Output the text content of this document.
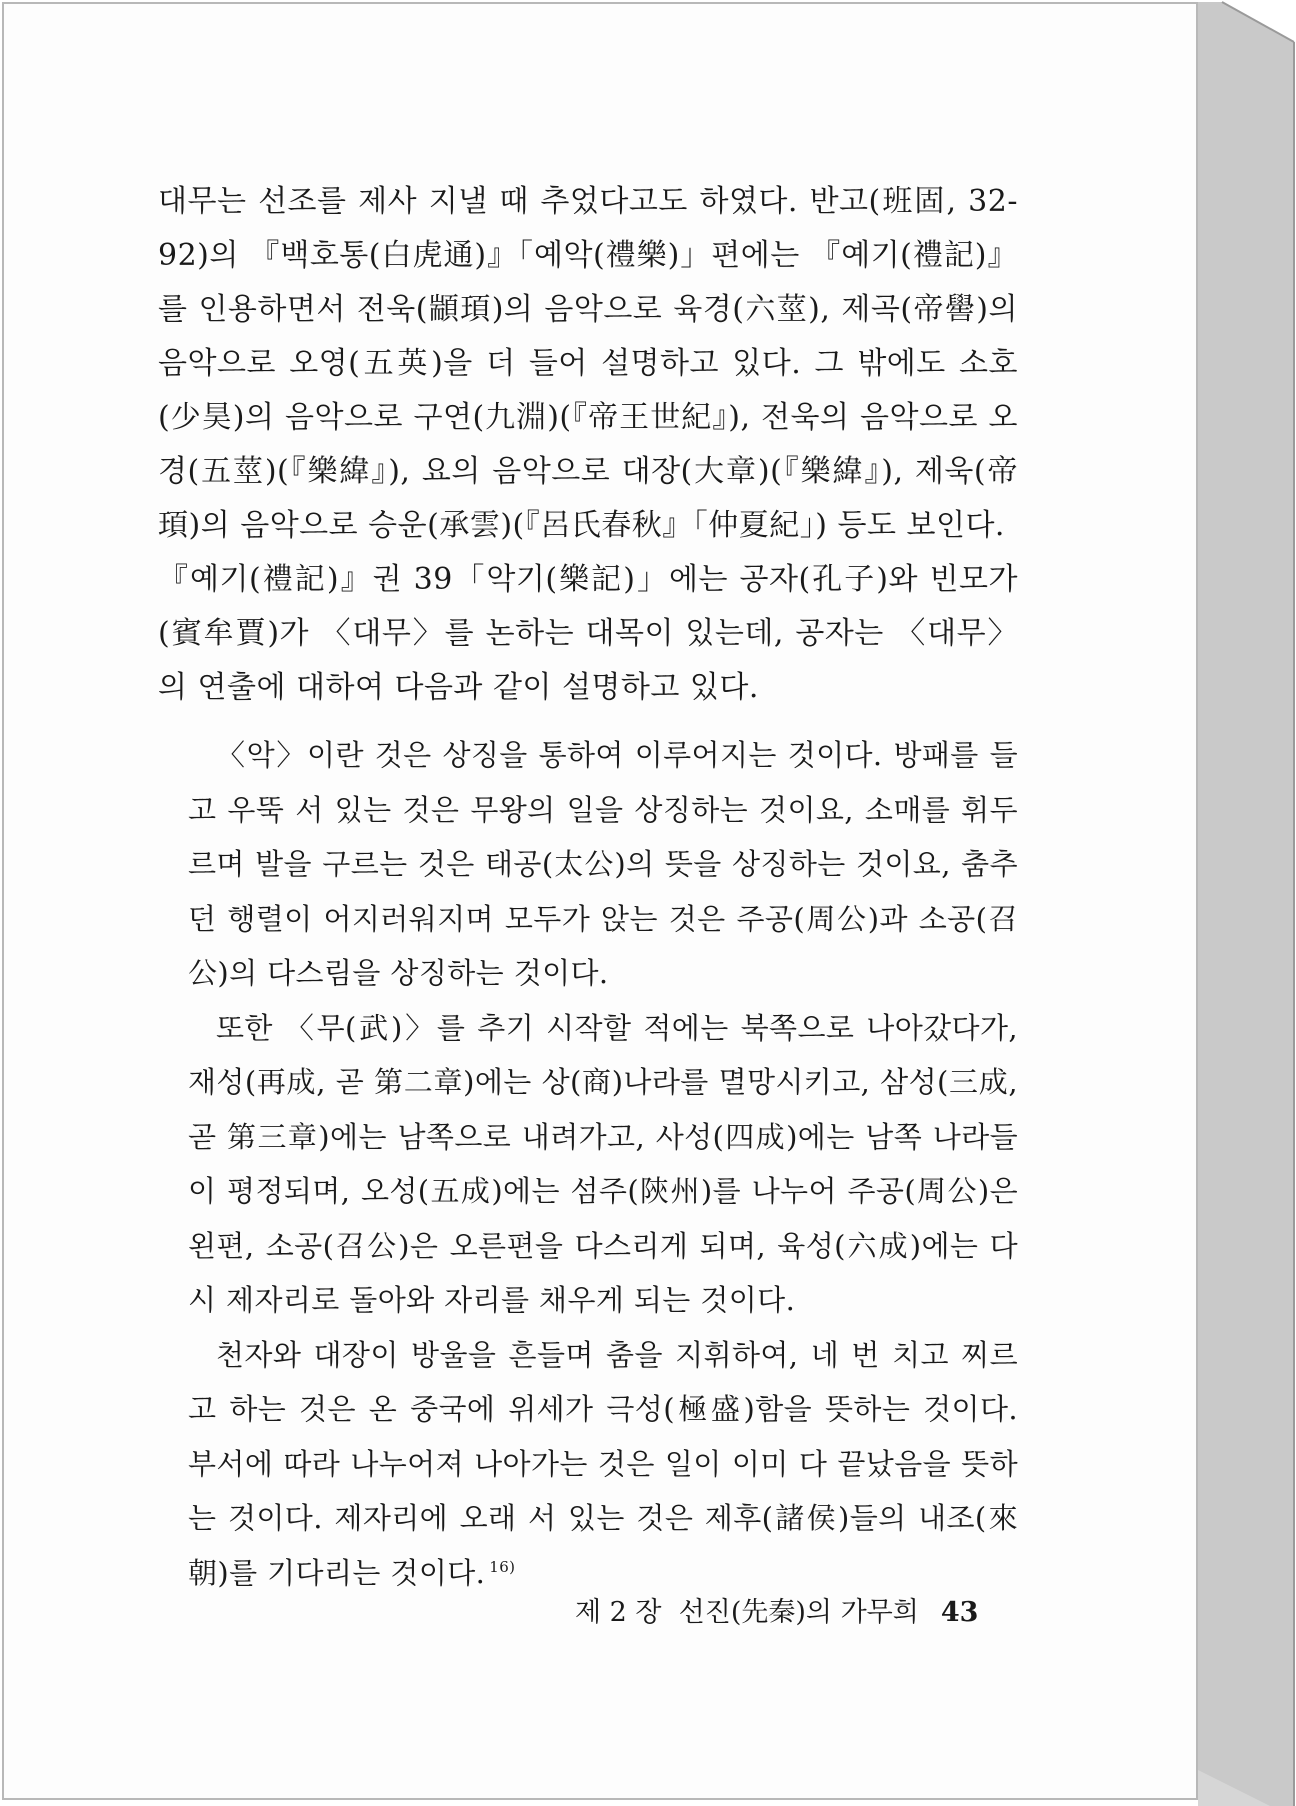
대무는 선조를 제사 지낼 때 추었다고도 하였다. 반고(班固, 32-92)의 『백호통(白虎通)』「예악(禮樂)」편에는 『예기(禮記)』를 인용하면서 전욱(顓頊)의 음악으로 육경(六莖), 제곡(帝嚳)의 음악으로 오영(五英)을 더 들어 설명하고 있다. 그 밖에도 소호(少昊)의 음악으로 구연(九淵)(『帝王世紀』), 전욱의 음악으로 오경(五莖)(『樂緯』), 요의 음악으로 대장(大章)(『樂緯』), 제욱(帝頊)의 음악으로 승운(承雲)(『呂氏春秋』「仲夏紀」) 등도 보인다.

『예기(禮記)』권 39「악기(樂記)」에는 공자(孔子)와 빈모가(賓牟賈)가 〈대무〉를 논하는 대목이 있는데, 공자는 〈대무〉의 연출에 대하여 다음과 같이 설명하고 있다.

〈악〉이란 것은 상징을 통하여 이루어지는 것이다. 방패를 들고 우뚝 서 있는 것은 무왕의 일을 상징하는 것이요, 소매를 휘두르며 발을 구르는 것은 태공(太公)의 뜻을 상징하는 것이요, 춤추던 행렬이 어지러워지며 모두가 앉는 것은 주공(周公)과 소공(召公)의 다스림을 상징하는 것이다.

또한 〈무(武)〉를 추기 시작할 적에는 북쪽으로 나아갔다가, 재성(再成, 곧 第二章)에는 상(商)나라를 멸망시키고, 삼성(三成, 곧 第三章)에는 남쪽으로 내려가고, 사성(四成)에는 남쪽 나라들이 평정되며, 오성(五成)에는 섬주(陝州)를 나누어 주공(周公)은 왼편, 소공(召公)은 오른편을 다스리게 되며, 육성(六成)에는 다시 제자리로 돌아와 자리를 채우게 되는 것이다.

천자와 대장이 방울을 흔들며 춤을 지휘하여, 네 번 치고 찌르고 하는 것은 온 중국에 위세가 극성(極盛)함을 뜻하는 것이다. 부서에 따라 나누어져 나아가는 것은 일이 이미 다 끝났음을 뜻하는 것이다. 제자리에 오래 서 있는 것은 제후(諸侯)들의 내조(來朝)를 기다리는 것이다. $^{16)}$

제 2 장  선진(先秦)의 가무희 43
